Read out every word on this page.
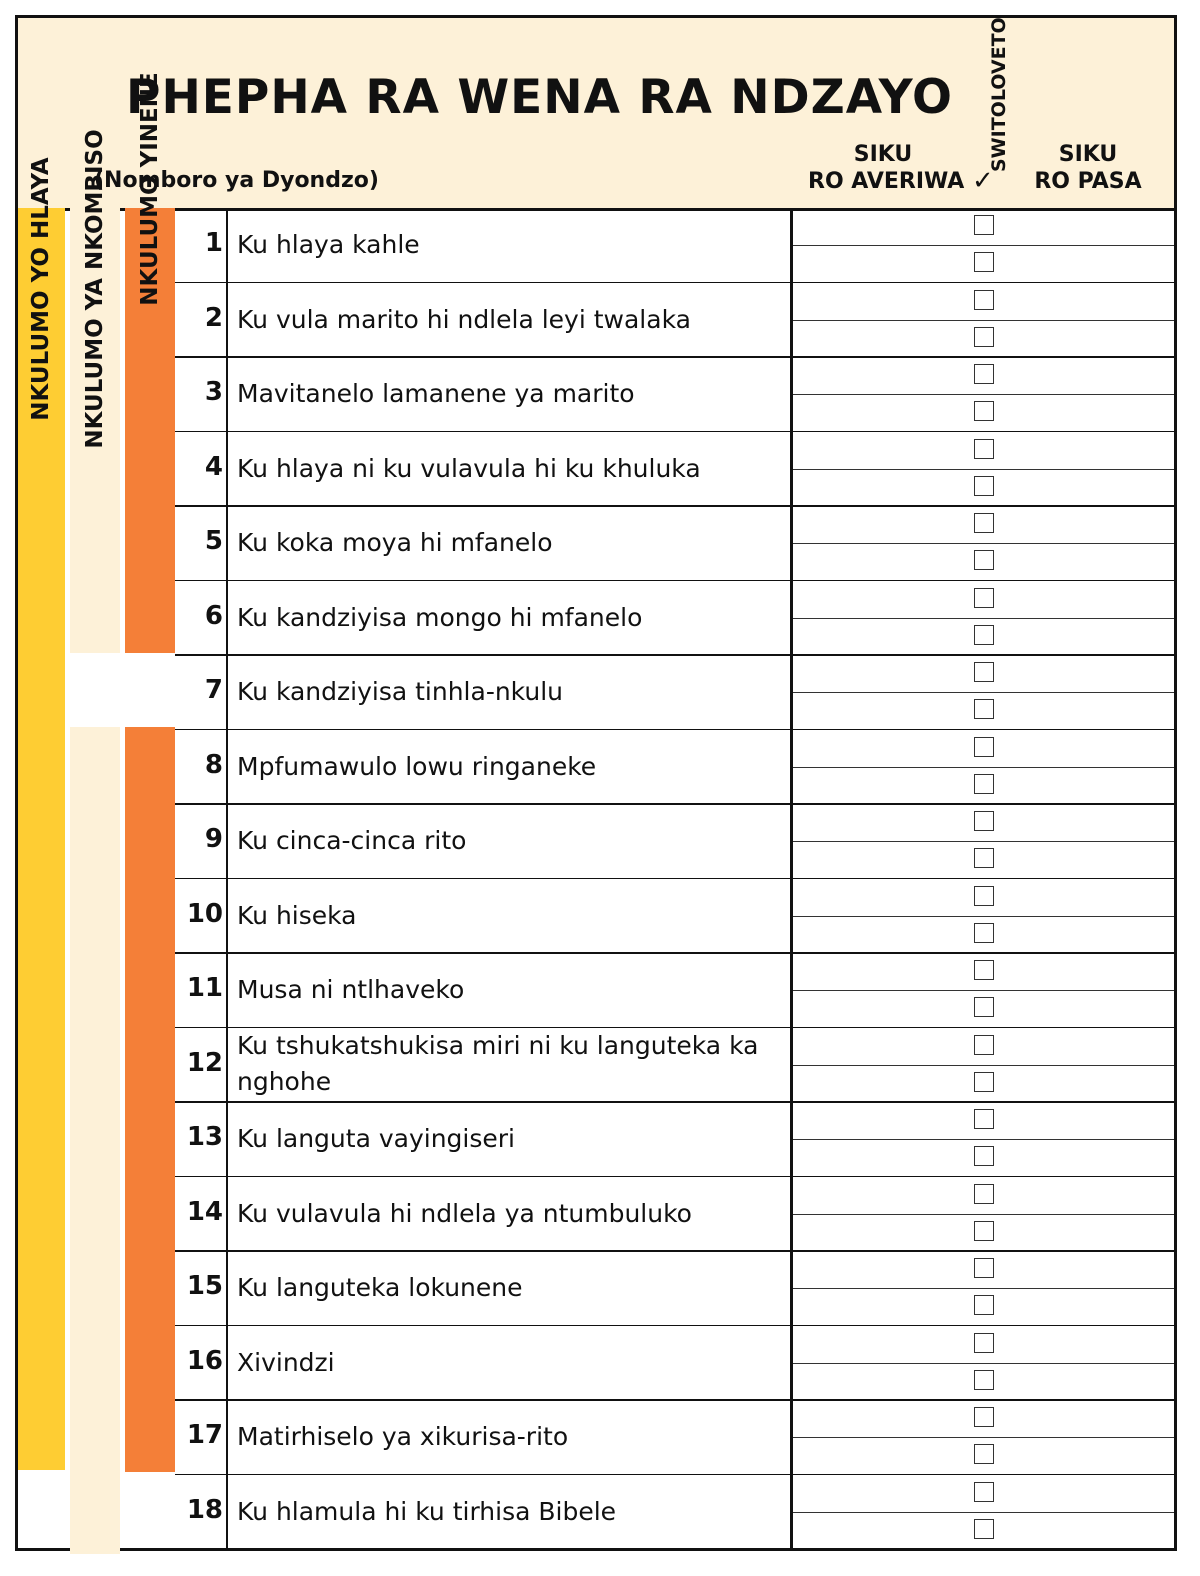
PHEPHA RA WENA RA NDZAYO
(Nomboro ya Dyondzo)
SIKU
RO AVERIWA
SWITOLOVETO
✓
SIKU
RO PASA
NKULUMO YO HLAYA NKULUMO YA NKOMBISO NKULUMO YINENE	1 Ku hlaya kahle
2 Ku vula marito hi ndlela leyi twalaka
3 Mavitanelo lamanene ya marito
4 Ku hlaya ni ku vulavula hi ku khuluka
5 Ku koka moya hi mfanelo
6 Ku kandziyisa mongo hi mfanelo
7 Ku kandziyisa tinhla-nkulu
8 Mpfumawulo lowu ringaneke
9 Ku cinca-cinca rito
10 Ku hiseka
11 Musa ni ntlhaveko
12
Ku tshukatshukisa miri ni ku languteka ka nghohe
13 Ku languta vayingiseri
14 Ku vulavula hi ndlela ya ntumbuluko
15 Ku languteka lokunene
16 Xivindzi
17 Matirhiselo ya xikurisa-rito
18 Ku hlamula hi ku tirhisa Bibele
